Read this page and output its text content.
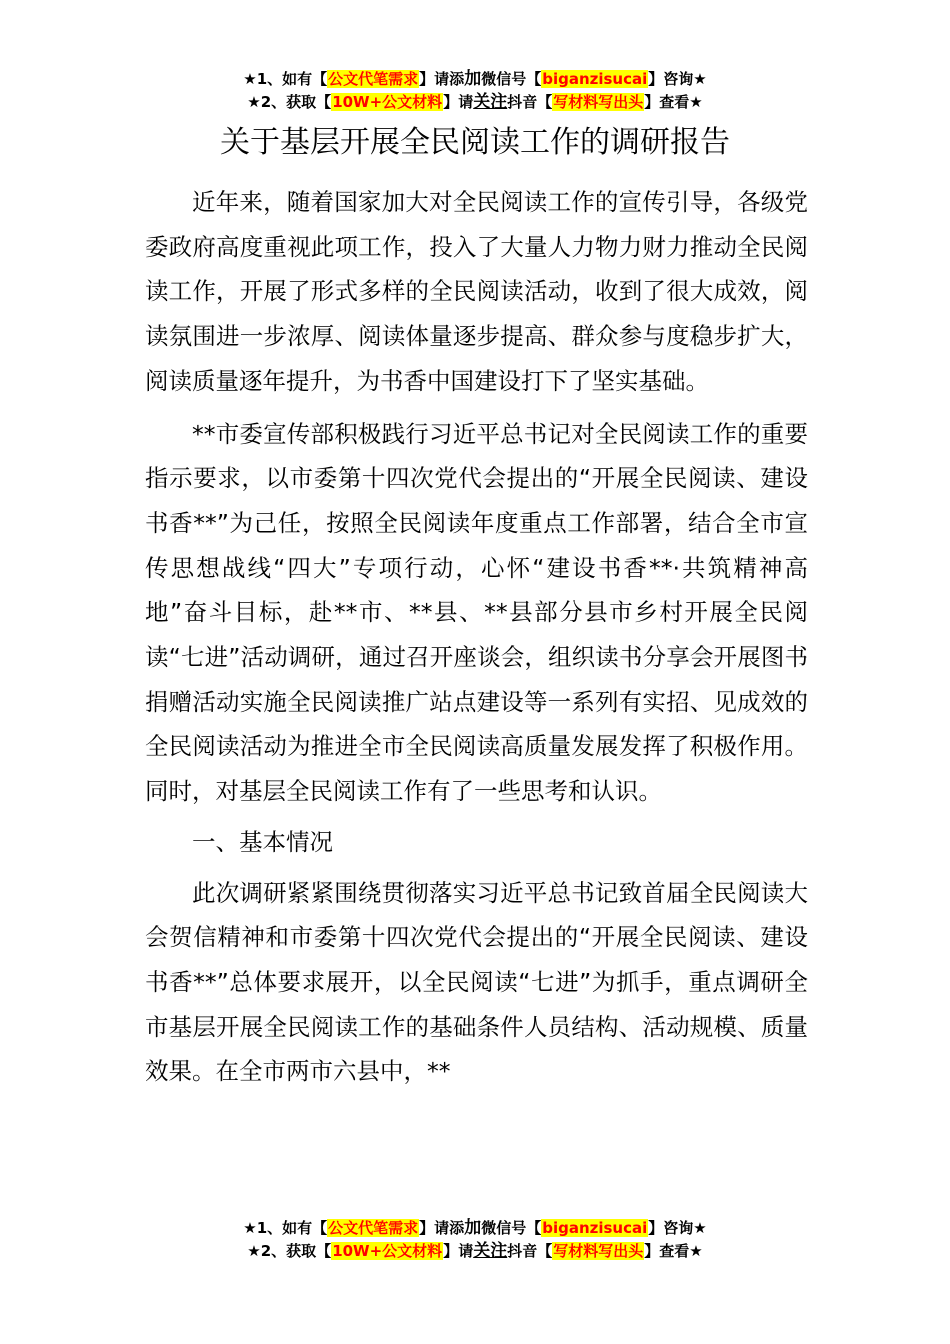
★1、如有【公文代笔需求】请添加微信号【biganzisucai】咨询★
★2、获取【10W+公文材料】请关注抖音【写材料写出头】查看★
关于基层开展全民阅读工作的调研报告

近年来，随着国家加大对全民阅读工作的宣传引导，各级党委政府高度重视此项工作，投入了大量人力物力财力推动全民阅读工作，开展了形式多样的全民阅读活动，收到了很大成效，阅读氛围进一步浓厚、阅读体量逐步提高、群众参与度稳步扩大，阅读质量逐年提升，为书香中国建设打下了坚实基础。

**市委宣传部积极践行习近平总书记对全民阅读工作的重要指示要求，以市委第十四次党代会提出的“开展全民阅读、建设书香**”为己任，按照全民阅读年度重点工作部署，结合全市宣传思想战线“四大”专项行动，心怀“建设书香**·共筑精神高地”奋斗目标，赴**市、**县、**县部分县市乡村开展全民阅读“七进”活动调研，通过召开座谈会，组织读书分享会开展图书捐赠活动实施全民阅读推广站点建设等一系列有实招、见成效的全民阅读活动为推进全市全民阅读高质量发展发挥了积极作用。同时，对基层全民阅读工作有了一些思考和认识。

一、基本情况

此次调研紧紧围绕贯彻落实习近平总书记致首届全民阅读大会贺信精神和市委第十四次党代会提出的“开展全民阅读、建设书香**”总体要求展开，以全民阅读“七进”为抓手，重点调研全市基层开展全民阅读工作的基础条件人员结构、活动规模、质量效果。在全市两市六县中，**

★1、如有【公文代笔需求】请添加微信号【biganzisucai】咨询★
★2、获取【10W+公文材料】请关注抖音【写材料写出头】查看★
